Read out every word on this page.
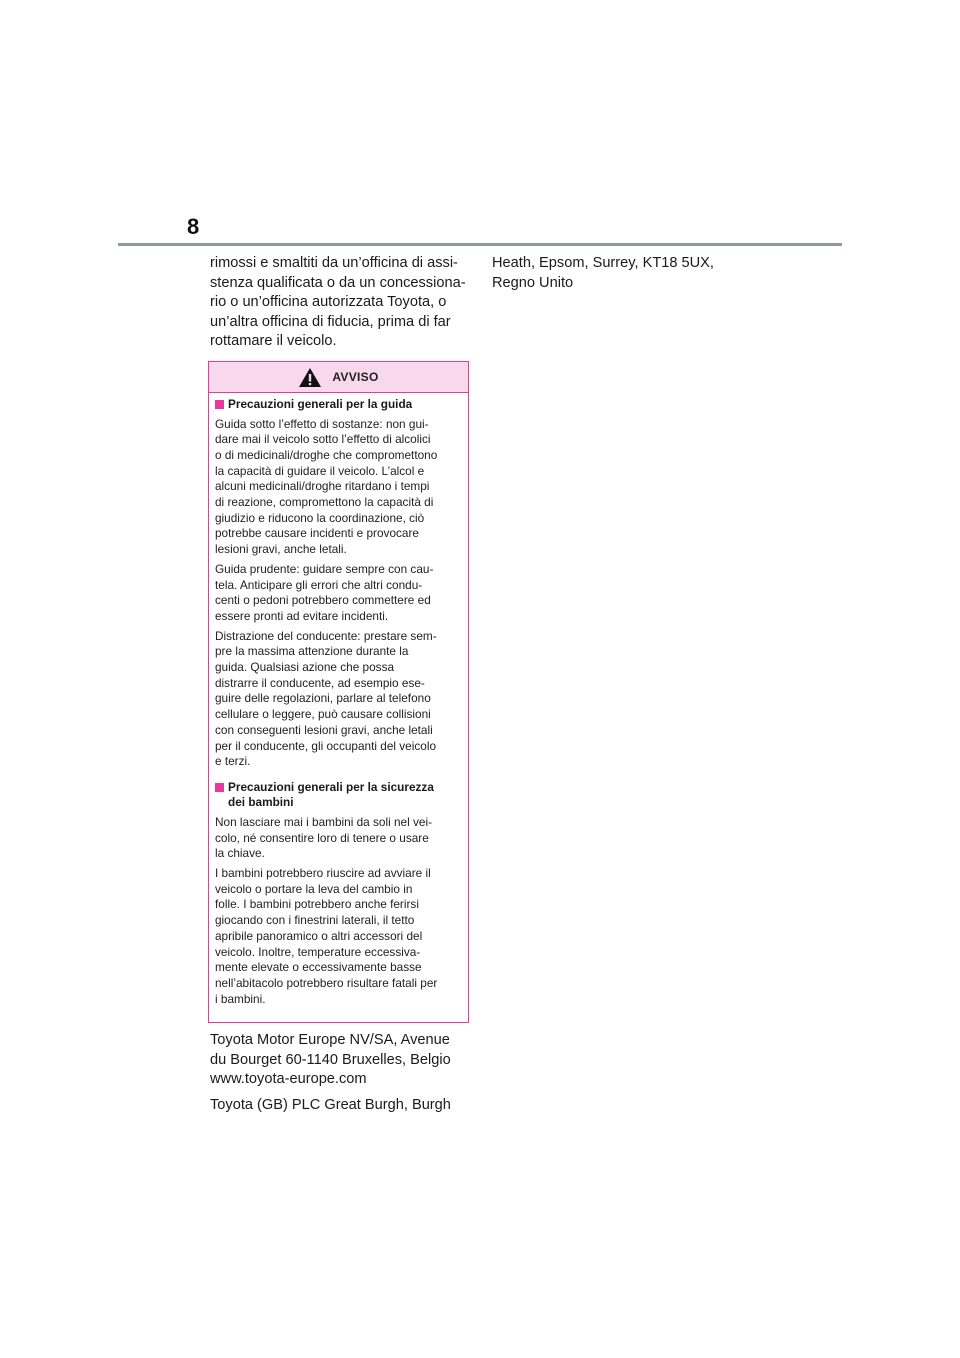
8

rimossi e smaltiti da un’officina di assi-
stenza qualificata o da un concessiona-
rio o un’officina autorizzata Toyota, o
un’altra officina di fiducia, prima di far
rottamare il veicolo.

AVVISO
Precauzioni generali per la guida

Guida sotto l’effetto di sostanze: non gui-
dare mai il veicolo sotto l’effetto di alcolici
o di medicinali/droghe che compromettono
la capacità di guidare il veicolo. L’alcol e
alcuni medicinali/droghe ritardano i tempi
di reazione, compromettono la capacità di
giudizio e riducono la coordinazione, ciò
potrebbe causare incidenti e provocare
lesioni gravi, anche letali.

Guida prudente: guidare sempre con cau-
tela. Anticipare gli errori che altri condu-
centi o pedoni potrebbero commettere ed
essere pronti ad evitare incidenti.

Distrazione del conducente: prestare sem-
pre la massima attenzione durante la
guida. Qualsiasi azione che possa
distrarre il conducente, ad esempio ese-
guire delle regolazioni, parlare al telefono
cellulare o leggere, può causare collisioni
con conseguenti lesioni gravi, anche letali
per il conducente, gli occupanti del veicolo
e terzi.

Precauzioni generali per la sicurezza
dei bambini

Non lasciare mai i bambini da soli nel vei-
colo, né consentire loro di tenere o usare
la chiave.

I bambini potrebbero riuscire ad avviare il
veicolo o portare la leva del cambio in
folle. I bambini potrebbero anche ferirsi
giocando con i finestrini laterali, il tetto
apribile panoramico o altri accessori del
veicolo. Inoltre, temperature eccessiva-
mente elevate o eccessivamente basse
nell’abitacolo potrebbero risultare fatali per
i bambini.

Toyota Motor Europe NV/SA, Avenue
du Bourget 60-1140 Bruxelles, Belgio
www.toyota-europe.com

Toyota (GB) PLC Great Burgh, Burgh

Heath, Epsom, Surrey, KT18 5UX,
Regno Unito
